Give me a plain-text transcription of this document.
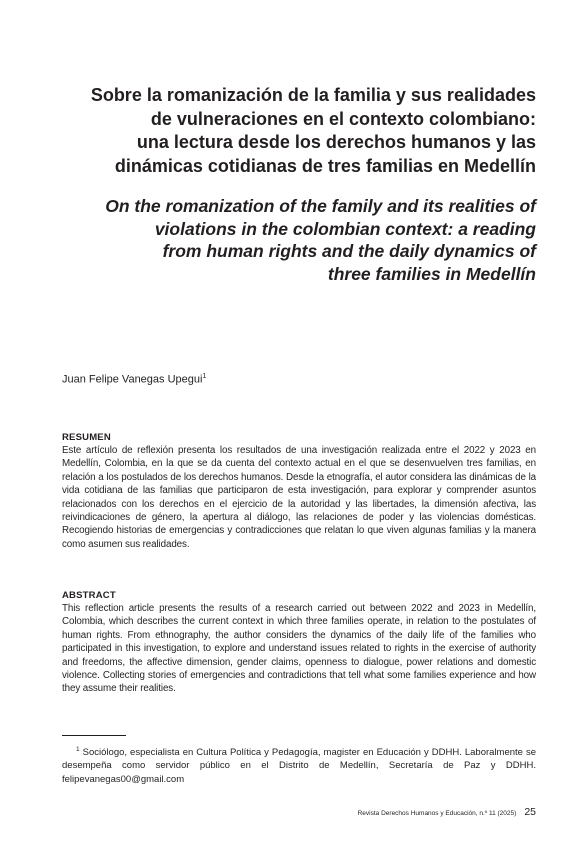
Sobre la romanización de la familia y sus realidades
de vulneraciones en el contexto colombiano:
una lectura desde los derechos humanos y las
dinámicas cotidianas de tres familias en Medellín
On the romanization of the family and its realities of
violations in the colombian context: a reading
from human rights and the daily dynamics of
three families in Medellín
Juan Felipe Vanegas Upegui$^1$
RESUMEN

Este artículo de reflexión presenta los resultados de una investigación realizada entre el 2022 y 2023 en Medellín, Colombia, en la que se da cuenta del contexto actual en el que se desenvuelven tres familias, en relación a los postulados de los derechos humanos. Desde la etnografía, el autor considera las dinámicas de la vida cotidiana de las familias que participaron de esta investigación, para explorar y comprender asuntos relacionados con los derechos en el ejercicio de la autoridad y las libertades, la dimensión afectiva, las reivindicaciones de género, la apertura al diálogo, las relaciones de poder y las violencias domésticas. Recogiendo historias de emergencias y contradicciones que relatan lo que viven algunas familias y la manera como asumen sus realidades.

ABSTRACT

This reflection article presents the results of a research carried out between 2022 and 2023 in Medellín, Colombia, which describes the current context in which three families operate, in relation to the postulates of human rights. From ethnography, the author considers the dynamics of the daily life of the families who participated in this investigation, to explore and understand issues related to rights in the exercise of authority and freedoms, the affective dimension, gender claims, openness to dialogue, power relations and domestic violence. Collecting stories of emergencies and contradictions that tell what some families experience and how they assume their realities.

$^1$ Sociólogo, especialista en Cultura Política y Pedagogía, magister en Educación y DDHH. Laboralmente se desempeña como servidor público en el Distrito de Medellín, Secretaría de Paz y DDHH. felipevanegas00@gmail.com

Revista Derechos Humanos y Educación, n.º 11 (2025) 25
